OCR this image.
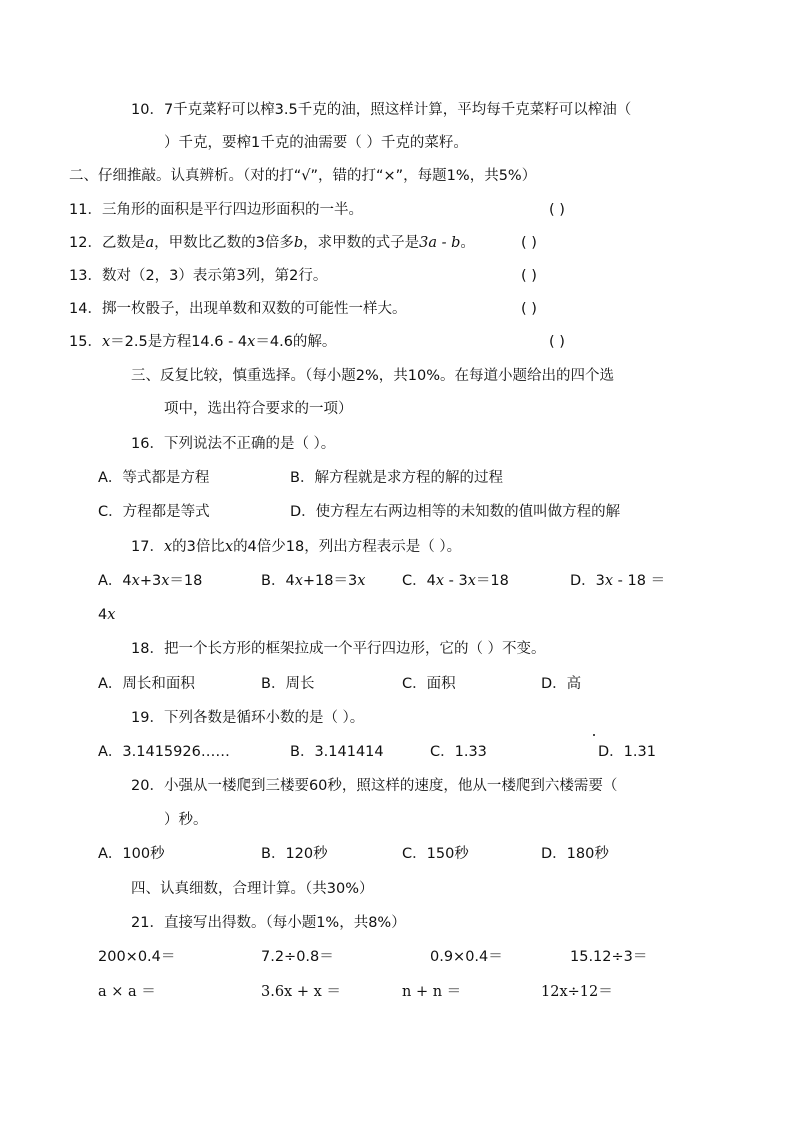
10．7千克菜籽可以榨3.5千克的油，照这样计算，平均每千克菜籽可以榨油（
）千克，要榨1千克的油需要（ ）千克的菜籽。
二、仔细推敲。认真辨析。（对的打“√”，错的打“×”，每题1%，共5%）
11．三角形的面积是平行四边形面积的一半。	( )
12．乙数是a，甲数比乙数的3倍多b，求甲数的式子是3a - b。	( )
13．数对（2，3）表示第3列，第2行。	( )
14．掷一枚骰子，出现单数和双数的可能性一样大。	( )
15．x＝2.5是方程14.6 - 4x＝4.6的解。	( )
三、反复比较，慎重选择。（每小题2%，共10%。在每道小题给出的四个选
项中，选出符合要求的一项）
16．下列说法不正确的是（ ）。
A．等式都是方程	B．解方程就是求方程的解的过程
C．方程都是等式	D．使方程左右两边相等的未知数的值叫做方程的解
17．x的3倍比x的4倍少18，列出方程表示是（ ）。
A．4x+3x＝18	B．4x+18＝3x	C．4x - 3x＝18	D．3x - 18 ＝
4x
18．把一个长方形的框架拉成一个平行四边形，它的（ ）不变。
A．周长和面积	B．周长	C．面积	D．高
19．下列各数是循环小数的是（ ）。
A．3.1415926……	B．3.141414	C．1.33	D．1.31
20．小强从一楼爬到三楼要60秒，照这样的速度，他从一楼爬到六楼需要（
）秒。
A．100秒	B．120秒	C．150秒	D．180秒
四、认真细数，合理计算。（共30%）
21．直接写出得数。（每小题1%，共8%）
200×0.4＝	7.2÷0.8＝	0.9×0.4＝	15.12÷3＝
a × a ＝	3.6x + x ＝	n + n ＝	12x÷12＝
